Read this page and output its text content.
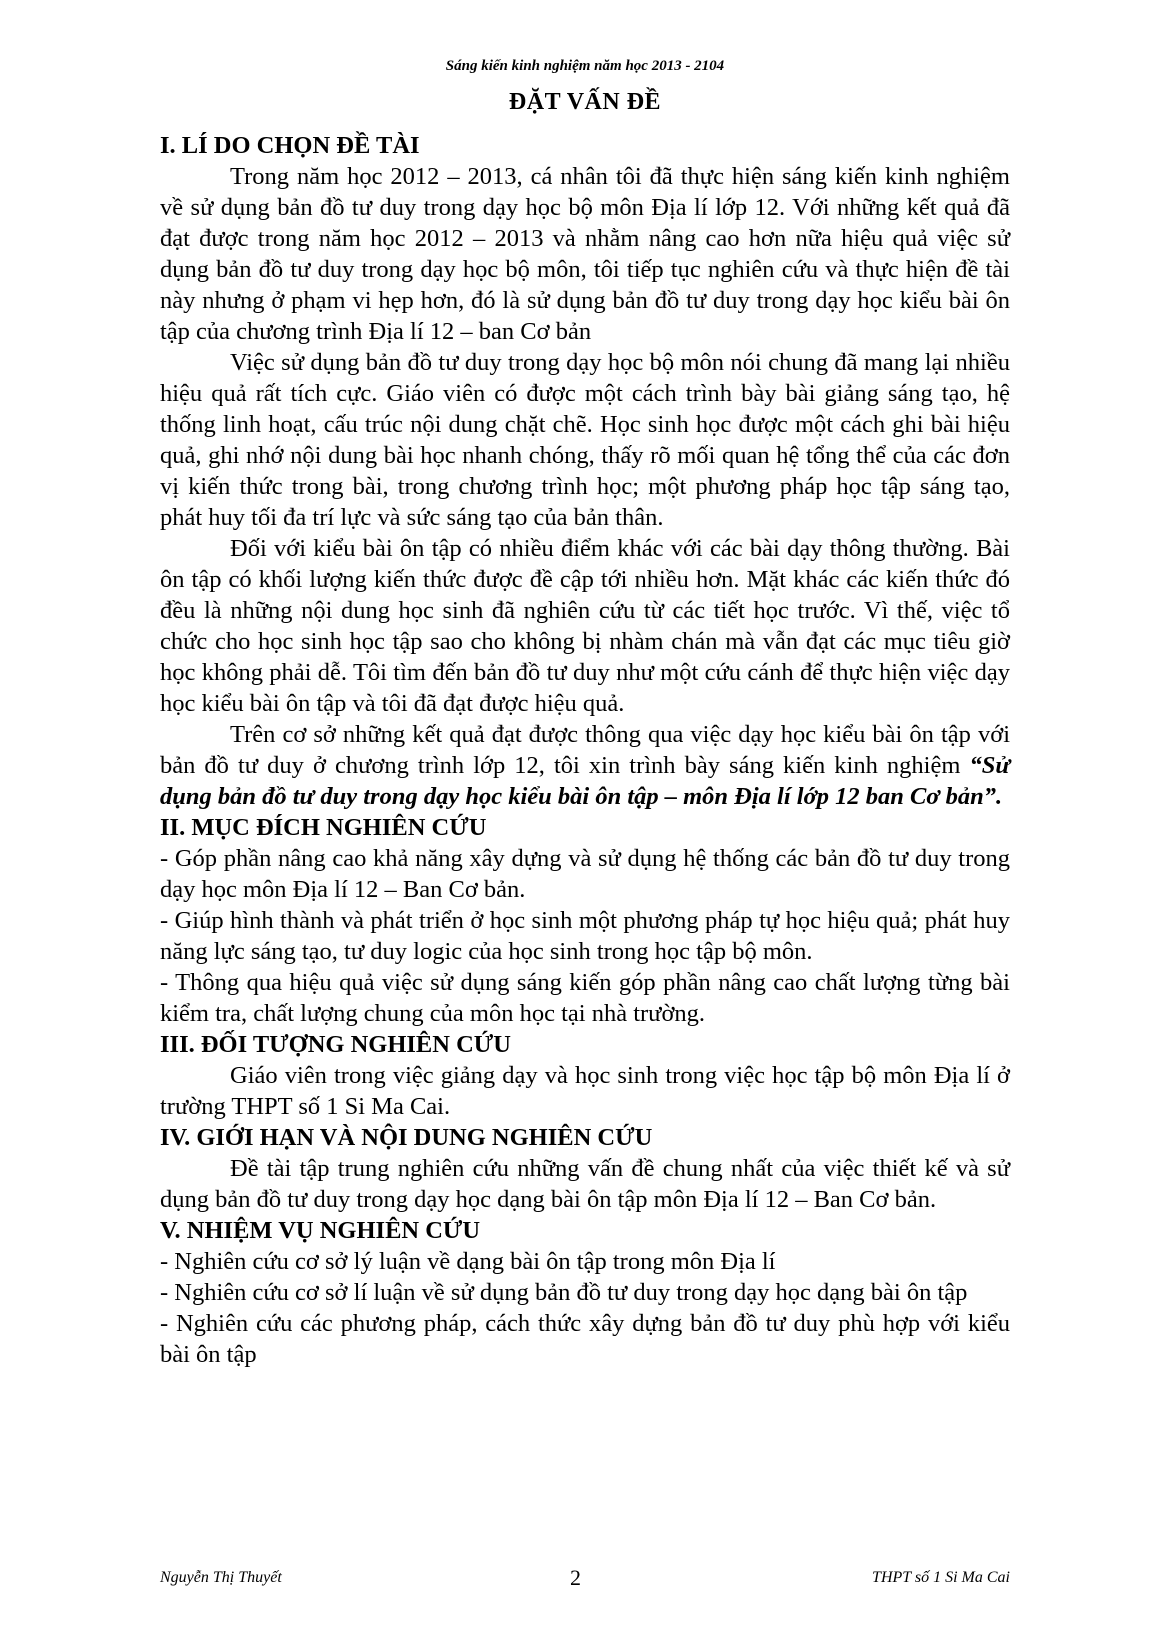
Sáng kiến kinh nghiệm năm học 2013 - 2104
ĐẶT VẤN ĐỀ
I. LÍ DO CHỌN ĐỀ TÀI

Trong năm học 2012 – 2013, cá nhân tôi đã thực hiện sáng kiến kinh nghiệm về sử dụng bản đồ tư duy trong dạy học bộ môn Địa lí lớp 12. Với những kết quả đã đạt được trong năm học 2012 – 2013 và nhằm nâng cao hơn nữa hiệu quả việc sử dụng bản đồ tư duy trong dạy học bộ môn, tôi tiếp tục nghiên cứu và thực hiện đề tài này nhưng ở phạm vi hẹp hơn, đó là sử dụng bản đồ tư duy trong dạy học kiểu bài ôn tập của chương trình Địa lí 12 – ban Cơ bản

Việc sử dụng bản đồ tư duy trong dạy học bộ môn nói chung đã mang lại nhiều hiệu quả rất tích cực. Giáo viên có được một cách trình bày bài giảng sáng tạo, hệ thống linh hoạt, cấu trúc nội dung chặt chẽ. Học sinh học được một cách ghi bài hiệu quả, ghi nhớ nội dung bài học nhanh chóng, thấy rõ mối quan hệ tổng thể của các đơn vị kiến thức trong bài, trong chương trình học; một phương pháp học tập sáng tạo, phát huy tối đa trí lực và sức sáng tạo của bản thân.

Đối với kiểu bài ôn tập có nhiều điểm khác với các bài dạy thông thường. Bài ôn tập có khối lượng kiến thức được đề cập tới nhiều hơn. Mặt khác các kiến thức đó đều là những nội dung học sinh đã nghiên cứu từ các tiết học trước. Vì thế, việc tổ chức cho học sinh học tập sao cho không bị nhàm chán mà vẫn đạt các mục tiêu giờ học không phải dễ. Tôi tìm đến bản đồ tư duy như một cứu cánh để thực hiện việc dạy học kiểu bài ôn tập và tôi đã đạt được hiệu quả.

Trên cơ sở những kết quả đạt được thông qua việc dạy học kiểu bài ôn tập với bản đồ tư duy ở chương trình lớp 12, tôi xin trình bày sáng kiến kinh nghiệm “Sử dụng bản đồ tư duy trong dạy học kiểu bài ôn tập – môn Địa lí lớp 12 ban Cơ bản”.

II. MỤC ĐÍCH NGHIÊN CỨU

- Góp phần nâng cao khả năng xây dựng và sử dụng hệ thống các bản đồ tư duy trong dạy học môn Địa lí 12 – Ban Cơ bản.

- Giúp hình thành và phát triển ở học sinh một phương pháp tự học hiệu quả; phát huy năng lực sáng tạo, tư duy logic của học sinh trong học tập bộ môn.

- Thông qua hiệu quả việc sử dụng sáng kiến góp phần nâng cao chất lượng từng bài kiểm tra, chất lượng chung của môn học tại nhà trường.

III. ĐỐI TƯỢNG NGHIÊN CỨU

Giáo viên trong việc giảng dạy và học sinh trong việc học tập bộ môn Địa lí ở trường THPT số 1 Si Ma Cai.

IV. GIỚI HẠN VÀ NỘI DUNG NGHIÊN CỨU

Đề tài tập trung nghiên cứu những vấn đề chung nhất của việc thiết kế và sử dụng bản đồ tư duy trong dạy học dạng bài ôn tập môn Địa lí 12 – Ban Cơ bản.

V. NHIỆM VỤ NGHIÊN CỨU

- Nghiên cứu cơ sở lý luận về dạng bài ôn tập trong môn Địa lí

- Nghiên cứu cơ sở lí luận về sử dụng bản đồ tư duy trong dạy học dạng bài ôn tập

- Nghiên cứu các phương pháp, cách thức xây dựng bản đồ tư duy phù hợp với kiểu bài ôn tập

Nguyễn Thị Thuyết	2	THPT số 1 Si Ma Cai
